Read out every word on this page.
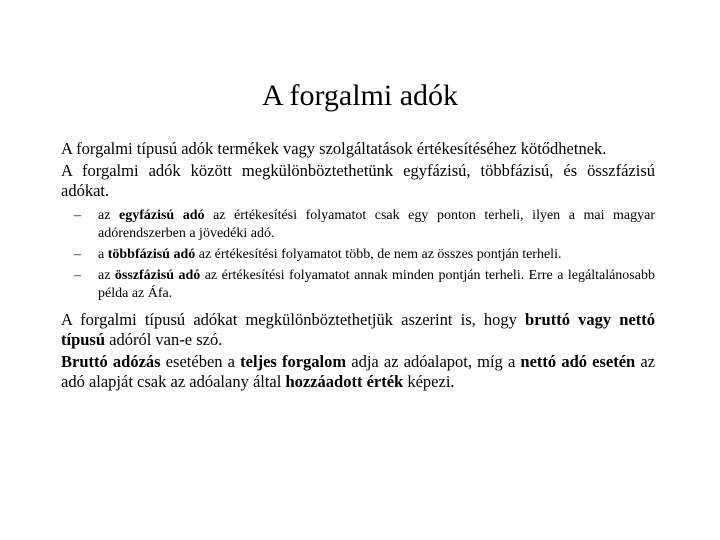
A forgalmi adók

A forgalmi típusú adók termékek vagy szolgáltatások értékesítéséhez kötődhetnek.

A forgalmi adók között megkülönböztethetünk egyfázisú, többfázisú, és összfázisú adókat.

– az egyfázisú adó az értékesítési folyamatot csak egy ponton terheli, ilyen a mai magyar adórendszerben a jövedéki adó.
– a többfázisú adó az értékesítési folyamatot több, de nem az összes pontján terheli.
– az összfázisú adó az értékesítési folyamatot annak minden pontján terheli. Erre a legáltalánosabb példa az Áfa.

A forgalmi típusú adókat megkülönböztethetjük aszerint is, hogy bruttó vagy nettó típusú adóról van-e szó.

Bruttó adózás esetében a teljes forgalom adja az adóalapot, míg a nettó adó esetén az adó alapját csak az adóalany által hozzáadott érték képezi.
